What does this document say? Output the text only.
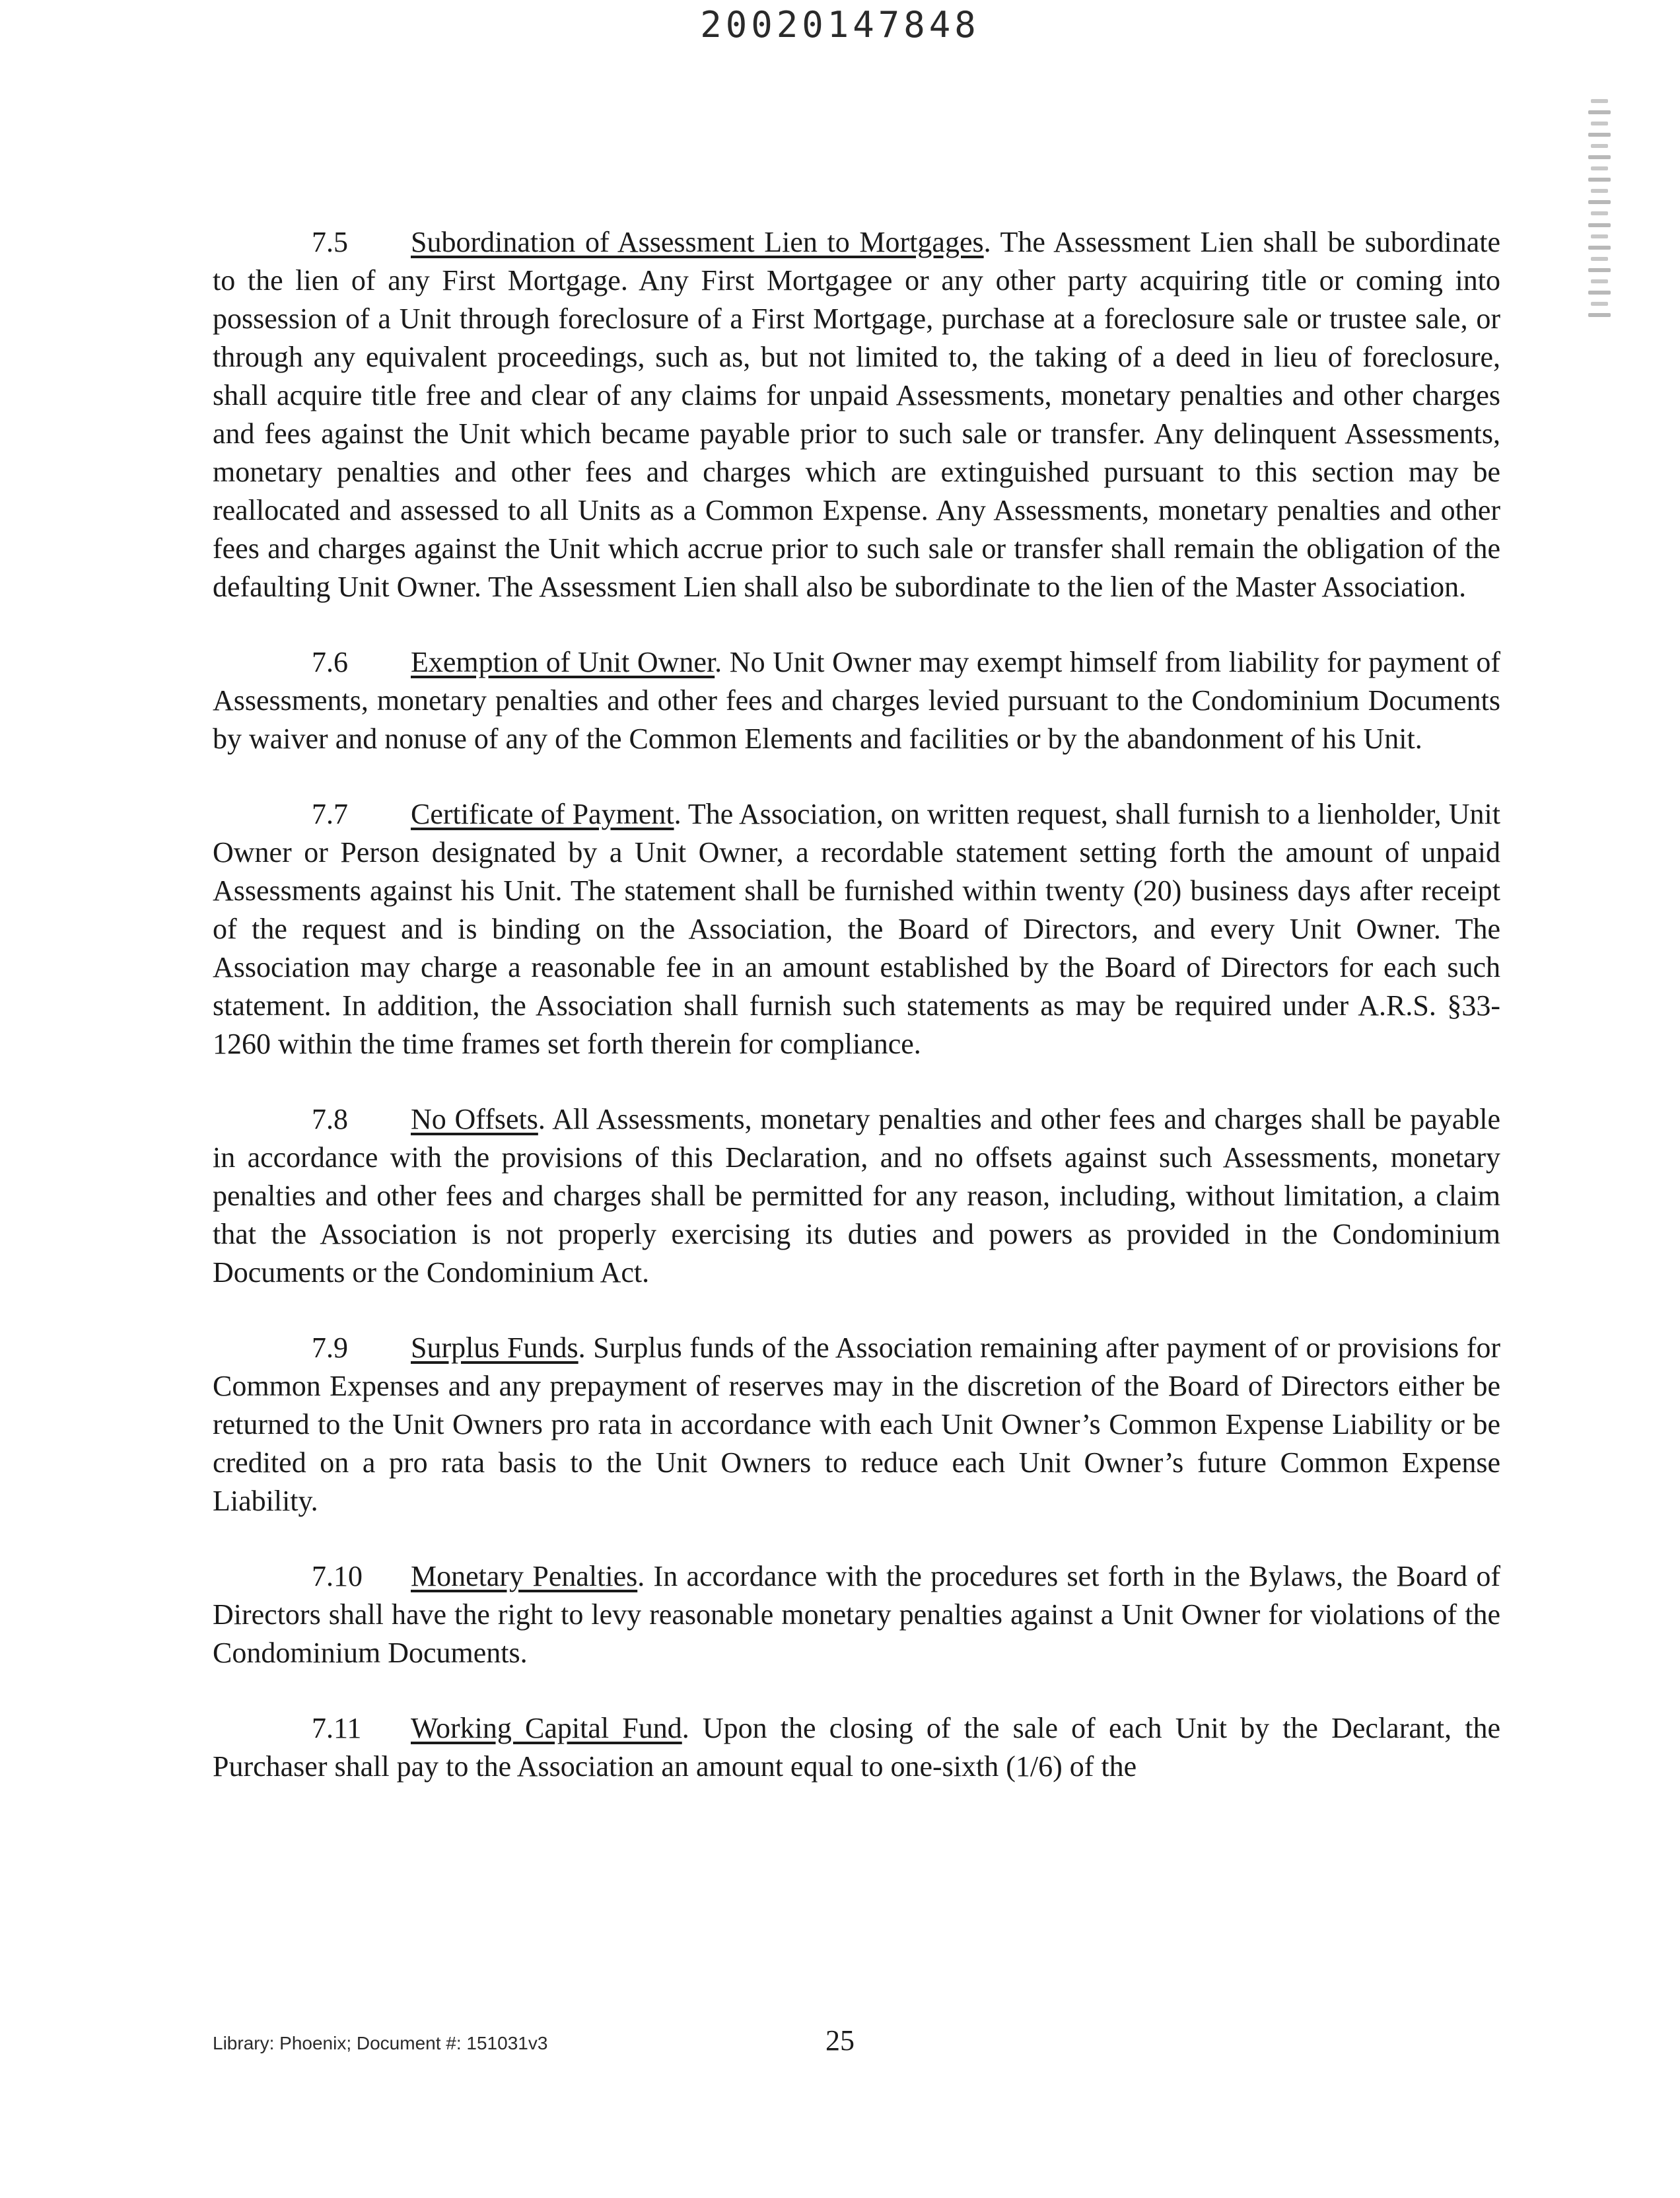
20020147848

7.5 Subordination of Assessment Lien to Mortgages. The Assessment Lien shall be subordinate to the lien of any First Mortgage. Any First Mortgagee or any other party acquiring title or coming into possession of a Unit through foreclosure of a First Mortgage, purchase at a foreclosure sale or trustee sale, or through any equivalent proceedings, such as, but not limited to, the taking of a deed in lieu of foreclosure, shall acquire title free and clear of any claims for unpaid Assessments, monetary penalties and other charges and fees against the Unit which became payable prior to such sale or transfer. Any delinquent Assessments, monetary penalties and other fees and charges which are extinguished pursuant to this section may be reallocated and assessed to all Units as a Common Expense. Any Assessments, monetary penalties and other fees and charges against the Unit which accrue prior to such sale or transfer shall remain the obligation of the defaulting Unit Owner. The Assessment Lien shall also be subordinate to the lien of the Master Association.

7.6 Exemption of Unit Owner. No Unit Owner may exempt himself from liability for payment of Assessments, monetary penalties and other fees and charges levied pursuant to the Condominium Documents by waiver and nonuse of any of the Common Elements and facilities or by the abandonment of his Unit.

7.7 Certificate of Payment. The Association, on written request, shall furnish to a lienholder, Unit Owner or Person designated by a Unit Owner, a recordable statement setting forth the amount of unpaid Assessments against his Unit. The statement shall be furnished within twenty (20) business days after receipt of the request and is binding on the Association, the Board of Directors, and every Unit Owner. The Association may charge a reasonable fee in an amount established by the Board of Directors for each such statement. In addition, the Association shall furnish such statements as may be required under A.R.S. §33-1260 within the time frames set forth therein for compliance.

7.8 No Offsets. All Assessments, monetary penalties and other fees and charges shall be payable in accordance with the provisions of this Declaration, and no offsets against such Assessments, monetary penalties and other fees and charges shall be permitted for any reason, including, without limitation, a claim that the Association is not properly exercising its duties and powers as provided in the Condominium Documents or the Condominium Act.

7.9 Surplus Funds. Surplus funds of the Association remaining after payment of or provisions for Common Expenses and any prepayment of reserves may in the discretion of the Board of Directors either be returned to the Unit Owners pro rata in accordance with each Unit Owner’s Common Expense Liability or be credited on a pro rata basis to the Unit Owners to reduce each Unit Owner’s future Common Expense Liability.

7.10 Monetary Penalties. In accordance with the procedures set forth in the Bylaws, the Board of Directors shall have the right to levy reasonable monetary penalties against a Unit Owner for violations of the Condominium Documents.

7.11 Working Capital Fund. Upon the closing of the sale of each Unit by the Declarant, the Purchaser shall pay to the Association an amount equal to one-sixth (1/6) of the

Library: Phoenix; Document #: 151031v3	25
